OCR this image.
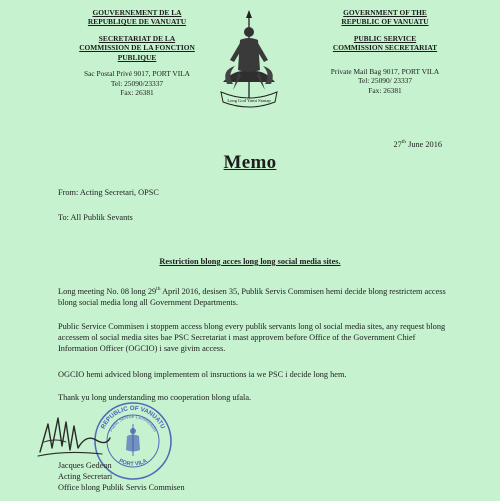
GOUVERNEMENT DE LA
REPUBLIQUE DE VANUATU
SECRETARIAT DE LA
COMMISSION DE LA FONCTION
PUBLIQUE
Sac Postal Privé 9017, PORT VILA
Tel: 25090/23337
Fax: 26381
Long God Yumi Stanap
GOVERNMENT OF THE
REPUBLIC OF VANUATU
PUBLIC SERVICE
COMMISSION SECRETARIAT
Private Mail Bag 9017, PORT VILA
Tel: 25090/ 23337
Fax: 26381
27th June 2016
Memo
From: Acting Secretari, OPSC
To: All Publik Sevants
Restriction blong acces long long social media sites.
Long meeting No. 08 long 29th April 2016, desisen 35, Publik Servis Commisen hemi decide blong restrictem access blong social media long all Government Departments.
Public Service Commisen i stoppem access blong every publik servants long ol social media sites, any request blong accessem ol social media sites bae PSC Secretariat i mast approvem before Office of the Government Chief Information Officer (OGCIO) i save givim access.
OGCIO hemi adviced blong implementem ol insructions ia we PSC i decide long hem.
Thank yu long understanding mo cooperation blong ufala.
REPUBLIC OF VANUATU
Public Service Commission
PORT VILA
Jacques Gedeon
Acting Secretari
Office blong Publik Servis Commisen
